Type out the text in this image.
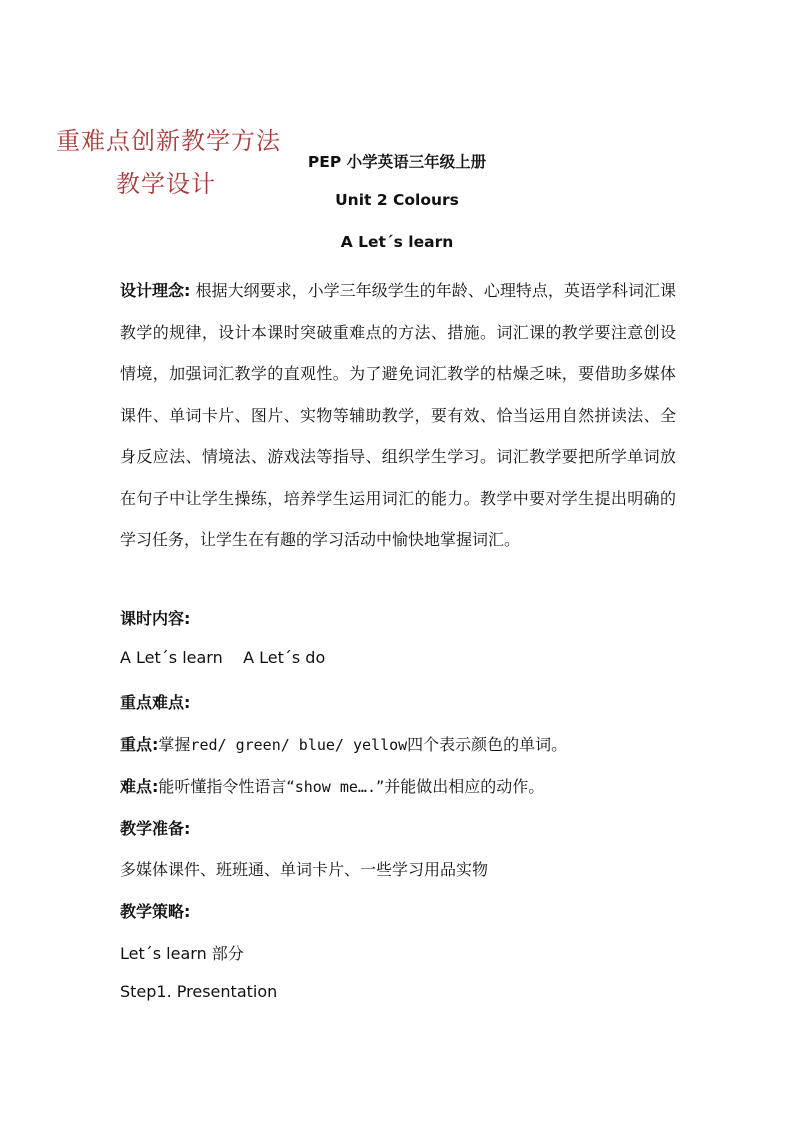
重难点创新教学方法
教学设计
PEP 小学英语三年级上册
Unit 2 Colours
A Let´s learn
设计理念: 根据大纲要求，小学三年级学生的年龄、心理特点，英语学科词汇课教学的规律，设计本课时突破重难点的方法、措施。词汇课的教学要注意创设情境，加强词汇教学的直观性。为了避免词汇教学的枯燥乏味，要借助多媒体课件、单词卡片、图片、实物等辅助教学，要有效、恰当运用自然拼读法、全身反应法、情境法、游戏法等指导、组织学生学习。词汇教学要把所学单词放在句子中让学生操练，培养学生运用词汇的能力。教学中要对学生提出明确的学习任务，让学生在有趣的学习活动中愉快地掌握词汇。
课时内容:
A Let´s learn    A Let´s do
重点难点:
重点:掌握red/ green/ blue/ yellow四个表示颜色的单词。
难点:能听懂指令性语言“show me….”并能做出相应的动作。
教学准备:
多媒体课件、班班通、单词卡片、一些学习用品实物
教学策略:
Let´s learn 部分
Step1. Presentation
